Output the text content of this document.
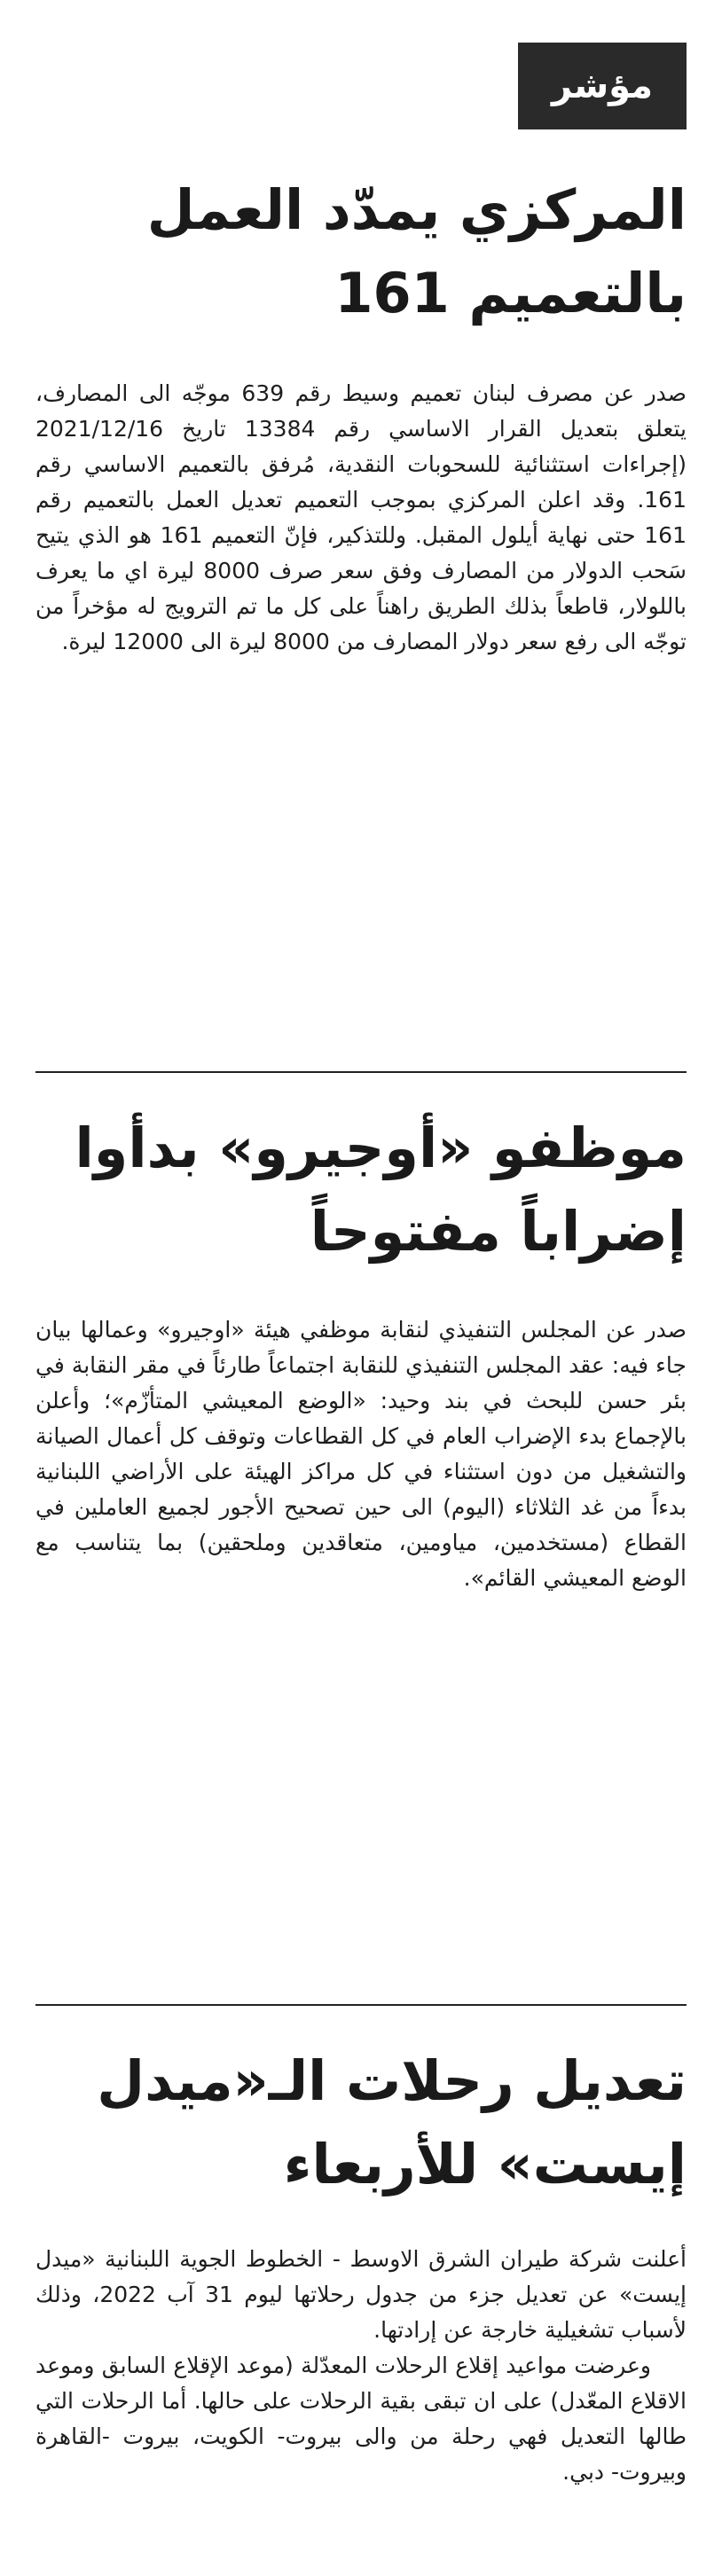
مؤشر
المركزي يمدّد العمل بالتعميم 161

صدر عن مصرف لبنان تعميم وسيط رقم 639 موجّه الى المصارف، يتعلق بتعديل القرار الاساسي رقم 13384 تاريخ 2021/12/16 (إجراءات استثنائية للسحوبات النقدية، مُرفق بالتعميم الاساسي رقم 161. وقد اعلن المركزي بموجب التعميم تعديل العمل بالتعميم رقم 161 حتى نهاية أيلول المقبل. وللتذكير، فإنّ التعميم 161 هو الذي يتيح سَحب الدولار من المصارف وفق سعر صرف 8000 ليرة اي ما يعرف باللولار، قاطعاً بذلك الطريق راهناً على كل ما تم الترويج له مؤخراً من توجّه الى رفع سعر دولار المصارف من 8000 ليرة الى 12000 ليرة.

موظفو «أوجيرو» بدأوا إضراباً مفتوحاً

صدر عن المجلس التنفيذي لنقابة موظفي هيئة «اوجيرو» وعمالها بيان جاء فيه: عقد المجلس التنفيذي للنقابة اجتماعاً طارئاً في مقر النقابة في بئر حسن للبحث في بند وحيد: «الوضع المعيشي المتأزّم»؛ وأعلن بالإجماع بدء الإضراب العام في كل القطاعات وتوقف كل أعمال الصيانة والتشغيل من دون استثناء في كل مراكز الهيئة على الأراضي اللبنانية بدءاً من غد الثلاثاء (اليوم) الى حين تصحيح الأجور لجميع العاملين في القطاع (مستخدمين، مياومين، متعاقدين وملحقين) بما يتناسب مع الوضع المعيشي القائم».

تعديل رحلات الـ«ميدل إيست» للأربعاء

أعلنت شركة طيران الشرق الاوسط - الخطوط الجوية اللبنانية «ميدل إيست» عن تعديل جزء من جدول رحلاتها ليوم 31 آب 2022، وذلك لأسباب تشغيلية خارجة عن إرادتها.

وعرضت مواعيد إقلاع الرحلات المعدّلة (موعد الإقلاع السابق وموعد الاقلاع المعّدل) على ان تبقى بقية الرحلات على حالها. أما الرحلات التي طالها التعديل فهي رحلة من والى بيروت- الكويت، بيروت -القاهرة وبيروت- دبي.
